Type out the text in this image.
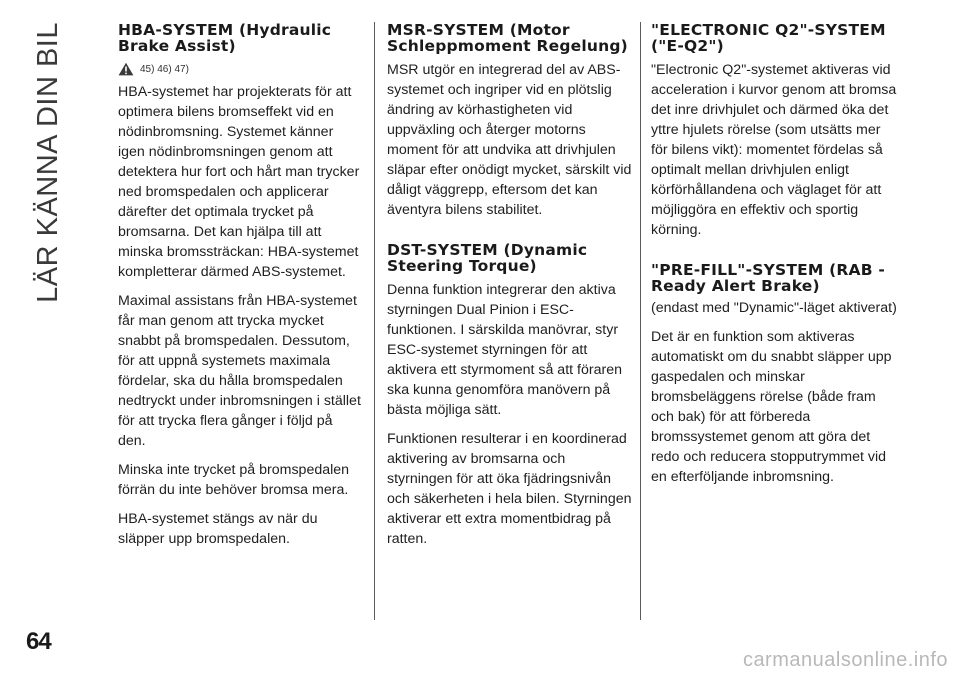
LÄR KÄNNA DIN BIL	HBA-SYSTEM (Hydraulic Brake Assist)
45) 46) 47)

HBA-systemet har projekterats för att optimera bilens bromseffekt vid en nödinbromsning. Systemet känner igen nödinbromsningen genom att detektera hur fort och hårt man trycker ned bromspedalen och applicerar därefter det optimala trycket på bromsarna. Det kan hjälpa till att minska bromssträckan: HBA-systemet kompletterar därmed ABS-systemet.

Maximal assistans från HBA-systemet får man genom att trycka mycket snabbt på bromspedalen. Dessutom, för att uppnå systemets maximala fördelar, ska du hålla bromspedalen nedtryckt under inbromsningen i stället för att trycka flera gånger i följd på den.

Minska inte trycket på bromspedalen förrän du inte behöver bromsa mera.

HBA-systemet stängs av när du släpper upp bromspedalen.

MSR-SYSTEM (Motor Schleppmoment Regelung)

MSR utgör en integrerad del av ABS-systemet och ingriper vid en plötslig ändring av körhastigheten vid uppväxling och återger motorns moment för att undvika att drivhjulen släpar efter onödigt mycket, särskilt vid dåligt väggrepp, eftersom det kan äventyra bilens stabilitet.

DST-SYSTEM (Dynamic Steering Torque)

Denna funktion integrerar den aktiva styrningen Dual Pinion i ESC-funktionen. I särskilda manövrar, styr ESC-systemet styrningen för att aktivera ett styrmoment så att föraren ska kunna genomföra manövern på bästa möjliga sätt.

Funktionen resulterar i en koordinerad aktivering av bromsarna och styrningen för att öka fjädringsnivån och säkerheten i hela bilen. Styrningen aktiverar ett extra momentbidrag på ratten.

"ELECTRONIC Q2"-SYSTEM ("E-Q2")

"Electronic Q2"-systemet aktiveras vid acceleration i kurvor genom att bromsa det inre drivhjulet och därmed öka det yttre hjulets rörelse (som utsätts mer för bilens vikt): momentet fördelas så optimalt mellan drivhjulen enligt körförhållandena och väglaget för att möjliggöra en effektiv och sportig körning.

"PRE-FILL"-SYSTEM (RAB - Ready Alert Brake)

(endast med "Dynamic"-läget aktiverat)

Det är en funktion som aktiveras automatiskt om du snabbt släpper upp gaspedalen och minskar bromsbeläggens rörelse (både fram och bak) för att förbereda bromssystemet genom att göra det redo och reducera stopputrymmet vid en efterföljande inbromsning.

64
carmanualsonline.info
